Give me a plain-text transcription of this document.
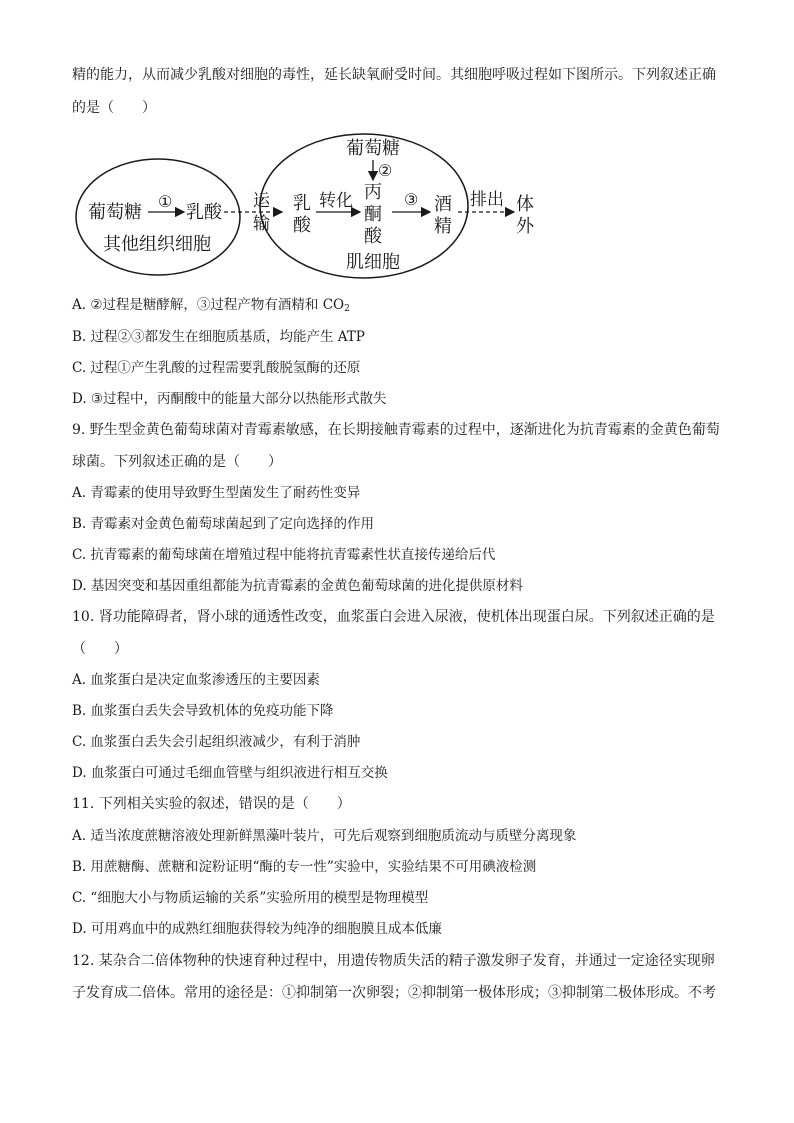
精的能力，从而减少乳酸对细胞的毒性，延长缺氧耐受时间。其细胞呼吸过程如下图所示。下列叙述正确
的是（　　）
葡萄糖
①
乳酸
其他组织细胞
运
输
乳
酸
转化
葡萄糖
②
丙
酮
酸
③ 酒
精
肌细胞
排出 体
外
A. ②过程是糖酵解，③过程产物有酒精和 $CO_2$
B. 过程②③都发生在细胞质基质，均能产生 ATP
C. 过程①产生乳酸的过程需要乳酸脱氢酶的还原
D. ③过程中，丙酮酸中的能量大部分以热能形式散失
9. 野生型金黄色葡萄球菌对青霉素敏感，在长期接触青霉素的过程中，逐渐进化为抗青霉素的金黄色葡萄
球菌。下列叙述正确的是（　　）
A. 青霉素的使用导致野生型菌发生了耐药性变异
B. 青霉素对金黄色葡萄球菌起到了定向选择的作用
C. 抗青霉素的葡萄球菌在增殖过程中能将抗青霉素性状直接传递给后代
D. 基因突变和基因重组都能为抗青霉素的金黄色葡萄球菌的进化提供原材料
10. 肾功能障碍者，肾小球的通透性改变，血浆蛋白会进入尿液，使机体出现蛋白尿。下列叙述正确的是
（　　）
A. 血浆蛋白是决定血浆渗透压的主要因素
B. 血浆蛋白丢失会导致机体的免疫功能下降
C. 血浆蛋白丢失会引起组织液减少，有利于消肿
D. 血浆蛋白可通过毛细血管壁与组织液进行相互交换
11. 下列相关实验的叙述，错误的是（　　）
A. 适当浓度蔗糖溶液处理新鲜黑藻叶装片，可先后观察到细胞质流动与质壁分离现象
B. 用蔗糖酶、蔗糖和淀粉证明“酶的专一性”实验中，实验结果不可用碘液检测
C. “细胞大小与物质运输的关系”实验所用的模型是物理模型
D. 可用鸡血中的成熟红细胞获得较为纯净的细胞膜且成本低廉
12. 某杂合二倍体物种的快速育种过程中，用遗传物质失活的精子激发卵子发育，并通过一定途径实现卵
子发育成二倍体。常用的途径是：①抑制第一次卵裂；②抑制第一极体形成；③抑制第二极体形成。不考
